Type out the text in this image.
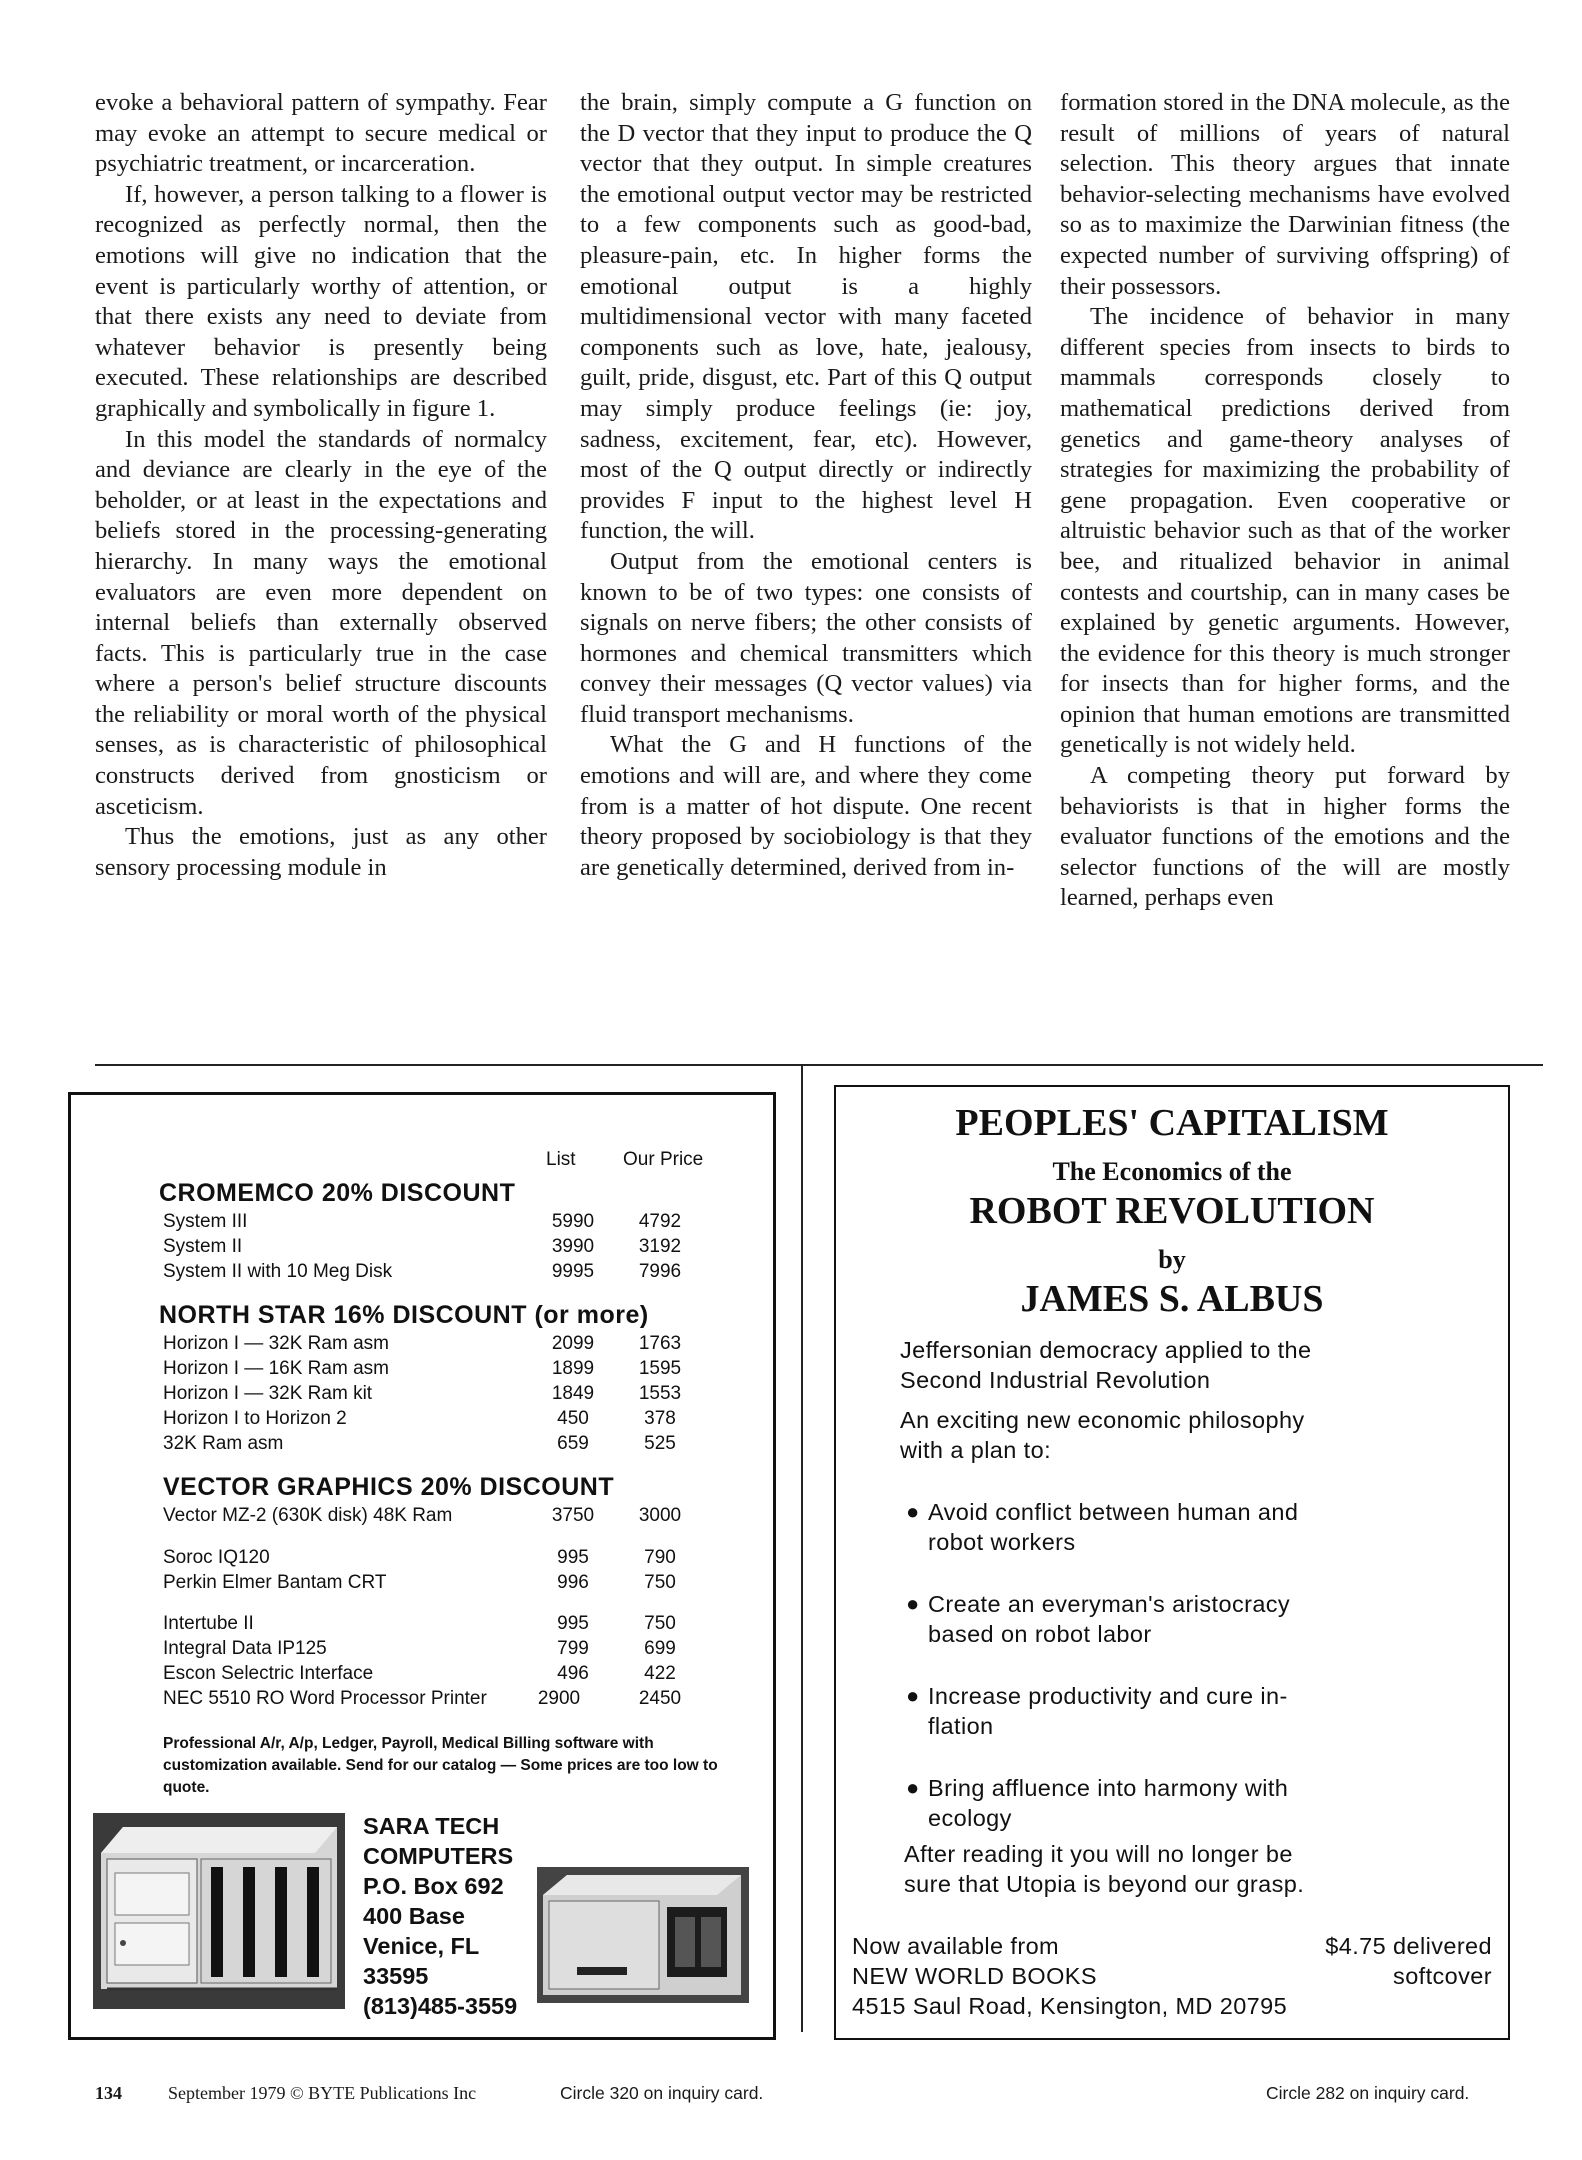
evoke a behavioral pattern of sympathy. Fear may evoke an attempt to secure medical or psychiatric treatment, or incarceration.

If, however, a person talking to a flower is recognized as perfectly normal, then the emotions will give no indication that the event is particularly worthy of attention, or that there exists any need to deviate from whatever behavior is presently being executed. These relationships are described graphically and symbolically in figure 1.

In this model the standards of normalcy and deviance are clearly in the eye of the beholder, or at least in the expectations and beliefs stored in the processing-generating hierarchy. In many ways the emotional evaluators are even more dependent on internal beliefs than externally observed facts. This is particularly true in the case where a person's belief structure discounts the reliability or moral worth of the physical senses, as is characteristic of philosophical constructs derived from gnosticism or asceticism.

Thus the emotions, just as any other sensory processing module in

the brain, simply compute a G function on the D vector that they input to produce the Q vector that they output. In simple creatures the emotional output vector may be restricted to a few components such as good-bad, pleasure-pain, etc. In higher forms the emotional output is a highly multidimensional vector with many faceted components such as love, hate, jealousy, guilt, pride, disgust, etc. Part of this Q output may simply produce feelings (ie: joy, sadness, excitement, fear, etc). However, most of the Q output directly or indirectly provides F input to the highest level H function, the will.

Output from the emotional centers is known to be of two types: one consists of signals on nerve fibers; the other consists of hormones and chemical transmitters which convey their messages (Q vector values) via fluid transport mechanisms.

What the G and H functions of the emotions and will are, and where they come from is a matter of hot dispute. One recent theory proposed by sociobiology is that they are genetically determined, derived from in-

formation stored in the DNA molecule, as the result of millions of years of natural selection. This theory argues that innate behavior-selecting mechanisms have evolved so as to maximize the Darwinian fitness (the expected number of surviving offspring) of their possessors.

The incidence of behavior in many different species from insects to birds to mammals corresponds closely to mathematical predictions derived from genetics and game-theory analyses of strategies for maximizing the probability of gene propagation. Even cooperative or altruistic behavior such as that of the worker bee, and ritualized behavior in animal contests and courtship, can in many cases be explained by genetic arguments. However, the evidence for this theory is much stronger for insects than for higher forms, and the opinion that human emotions are transmitted genetically is not widely held.

A competing theory put forward by behaviorists is that in higher forms the evaluator functions of the emotions and the selector functions of the will are mostly learned, perhaps even

List Our Price
CROMEMCO 20% DISCOUNT
System III	5990	4792
System II	3990	3192
System II with 10 Meg Disk	9995	7996
NORTH STAR 16% DISCOUNT (or more)
Horizon I — 32K Ram asm	2099	1763
Horizon I — 16K Ram asm	1899	1595
Horizon I — 32K Ram kit	1849	1553
Horizon I to Horizon 2	450	378
32K Ram asm	659	525
VECTOR GRAPHICS 20% DISCOUNT
Vector MZ-2 (630K disk) 48K Ram	3750	3000
Soroc IQ120	995	790
Perkin Elmer Bantam CRT	996	750
Intertube II	995	750
Integral Data IP125	799	699
Escon Selectric Interface	496	422
NEC 5510 RO Word Processor Printer	2900	2450
Professional A/r, A/p, Ledger, Payroll, Medical Billing software with customization available. Send for our catalog — Some prices are too low to quote.
SARA TECH
COMPUTERS
P.O. Box 692
400 Base
Venice, FL
33595
(813)485-3559
PEOPLES' CAPITALISM
The Economics of the
ROBOT REVOLUTION
by
JAMES S. ALBUS
Jeffersonian democracy applied to the
Second Industrial Revolution
An exciting new economic philosophy
with a plan to:
● Avoid conflict between human and
robot workers
● Create an everyman's aristocracy
based on robot labor
● Increase productivity and cure in-
flation
● Bring affluence into harmony with
ecology
After reading it you will no longer be
sure that Utopia is beyond our grasp.
Now available from
NEW WORLD BOOKS
4515 Saul Road, Kensington, MD 20795
$4.75 delivered
softcover
134	September 1979 © BYTE Publications Inc	Circle 320 on inquiry card.	Circle 282 on inquiry card.
